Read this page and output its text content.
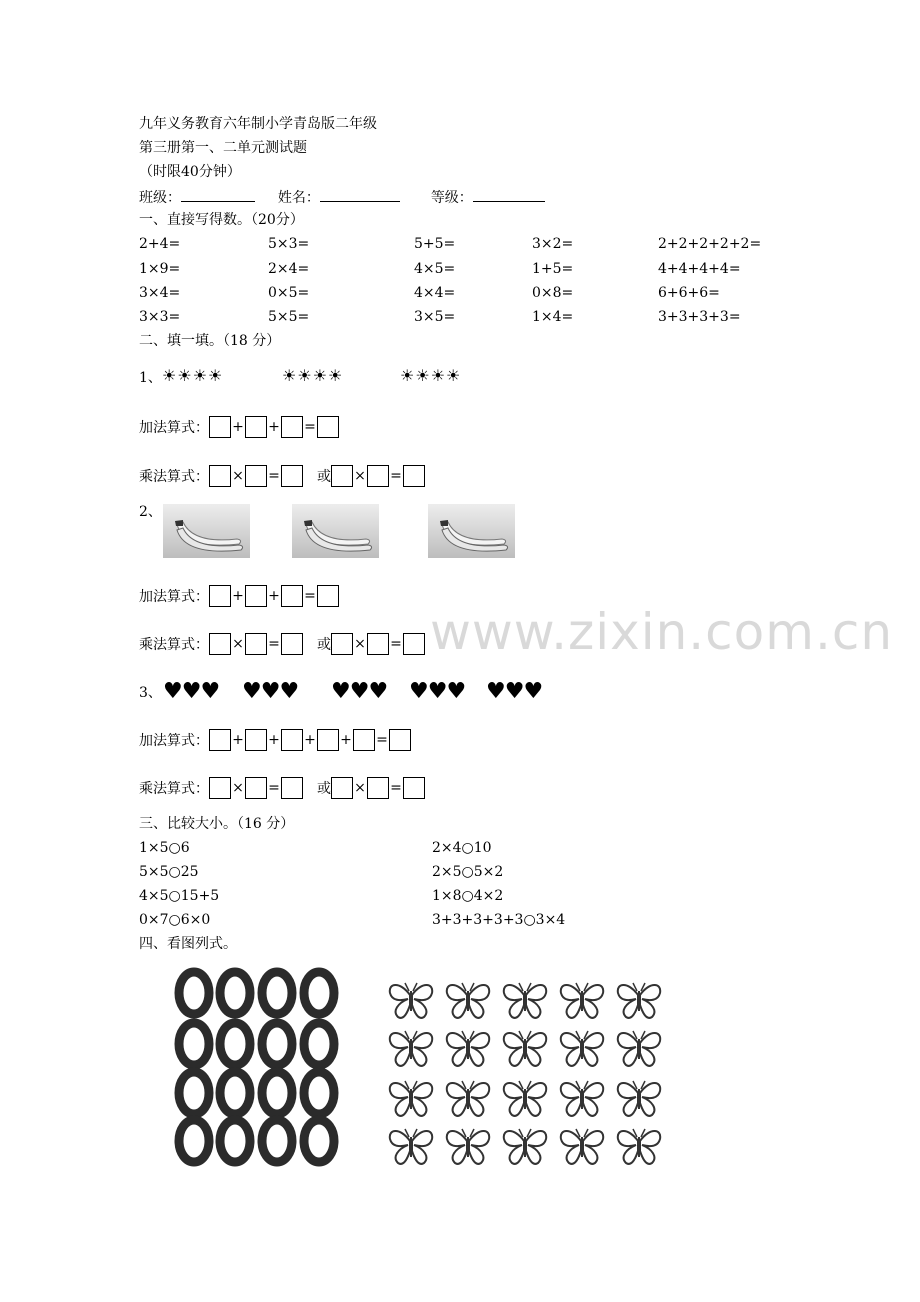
九年义务教育六年制小学青岛版二年级
第三册第一、二单元测试题
（时限40分钟）
班级：	姓名：	等级：
一、直接写得数。（20分）
2+4=	5×3=	5+5=	3×2=	2+2+2+2+2=
1×9=	2×4=	4×5=	1+5=	4+4+4+4=
3×4=	0×5=	4×4=	0×8=	6+6+6=
3×3=	5×5=	3×5=	1×4=	3+3+3+3=
二、填一填。（18 分）
1、 ☀☀☀☀	☀☀☀☀	☀☀☀☀
加法算式： + + =
乘法算式： × =	或 × =
2、
www.zixin.com.cn
加法算式： + + =
乘法算式： × =	或 × =
3、 ♥♥♥ ♥♥♥ ♥♥♥ ♥♥♥ ♥♥♥
加法算式： + + + + =
乘法算式： × =	或 × =
三、比较大小。（16 分）
1×5○6	2×4○10
5×5○25	2×5○5×2
4×5○15+5	1×8○4×2
0×7○6×0	3+3+3+3+3○3×4
四、看图列式。
